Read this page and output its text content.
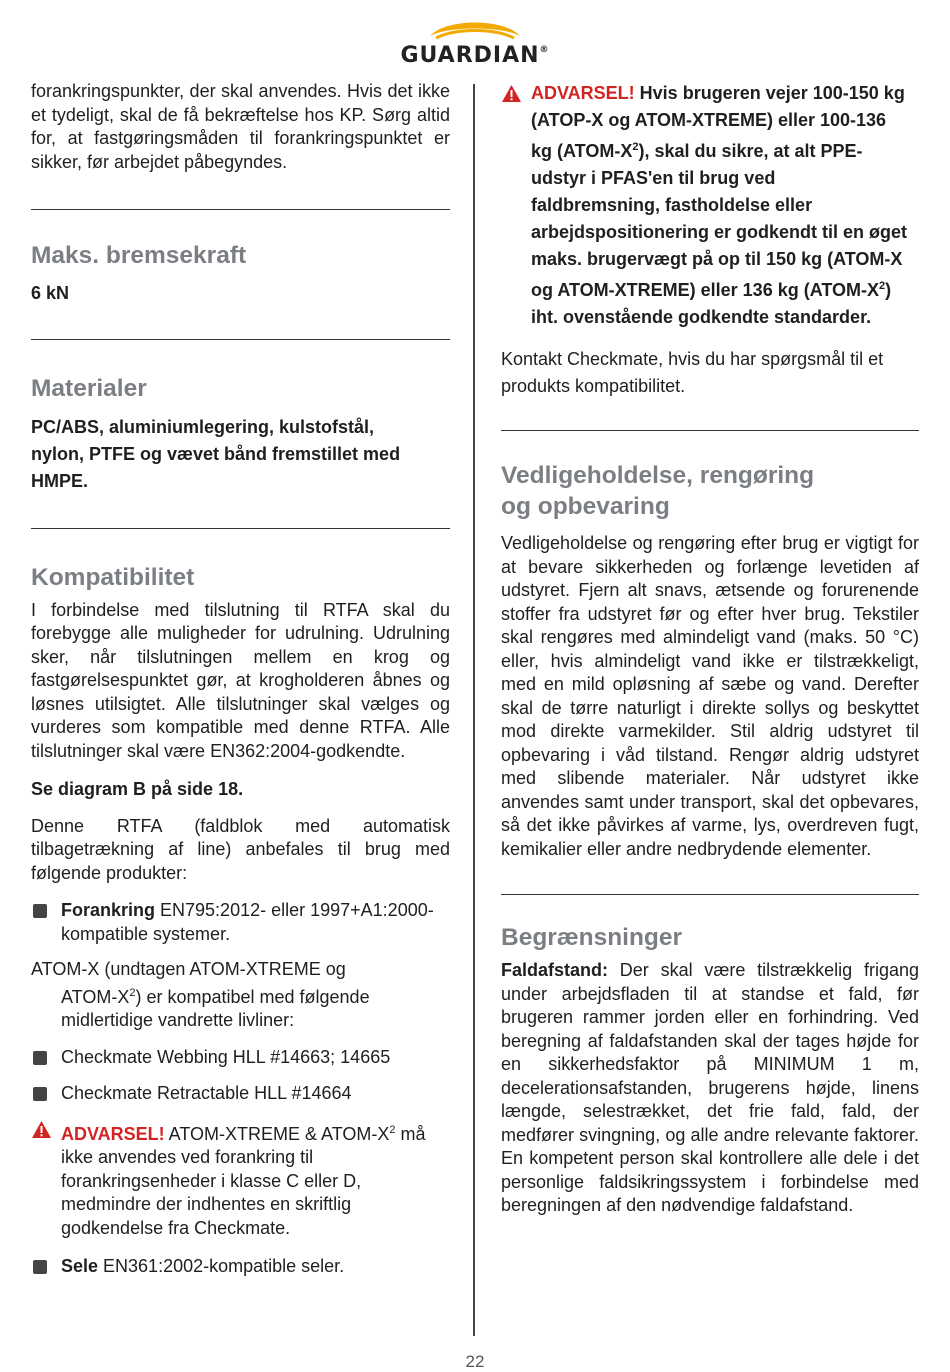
GUARDIAN®

forankringspunkter, der skal anvendes. Hvis det ikke et tydeligt, skal de få bekræftelse hos KP. Sørg altid for, at fastgøringsmåden til forankringspunktet er sikker, før arbejdet påbegyndes.

Maks. bremsekraft

6 kN

Materialer

PC/ABS, aluminiumlegering, kulstofstål, nylon, PTFE og vævet bånd fremstillet med HMPE.

Kompatibilitet

I forbindelse med tilslutning til RTFA skal du forebygge alle muligheder for udrulning. Udrulning sker, når tilslutningen mellem en krog og fastgørelsespunktet gør, at krogholderen åbnes og løsnes utilsigtet. Alle tilslutninger skal vælges og vurderes som kompatible med denne RTFA. Alle tilslutninger skal være EN362:2004-godkendte.

Se diagram B på side 18.

Denne RTFA (faldblok med automatisk tilbagetrækning af line) anbefales til brug med følgende produkter:

Forankring EN795:2012- eller 1997+A1:2000-kompatible systemer.

ATOM-X (undtagen ATOM-XTREME og
ATOM-$X^2$) er kompatibel med følgende midlertidige vandrette livliner:

Checkmate Webbing HLL #14663; 14665
Checkmate Retractable HLL #14664
ADVARSEL! ATOM-XTREME & ATOM-$X^2$ må ikke anvendes ved forankring til forankringsenheder i klasse C eller D, medmindre der indhentes en skriftlig godkendelse fra Checkmate.
Sele EN361:2002-kompatible seler.
ADVARSEL! Hvis brugeren vejer 100-150 kg (ATOP-X og ATOM-XTREME) eller 100-136 kg $(ATOM-X^2)$, skal du sikre, at alt PPE-udstyr i PFAS'en til brug ved faldbremsning, fastholdelse eller arbejdspositionering er godkendt til en øget maks. brugervægt på op til 150 kg (ATOM-X og ATOM-XTREME) eller 136 kg $(ATOM-X^2)$ iht. ovenstående godkendte standarder.

Kontakt Checkmate, hvis du har spørgsmål til et produkts kompatibilitet.

Vedligeholdelse, rengøring
og opbevaring

Vedligeholdelse og rengøring efter brug er vigtigt for at bevare sikkerheden og forlænge levetiden af udstyret. Fjern alt snavs, ætsende og forurenende stoffer fra udstyret før og efter hver brug. Tekstiler skal rengøres med almindeligt vand (maks. 50 °C) eller, hvis almindeligt vand ikke er tilstrækkeligt, med en mild opløsning af sæbe og vand. Derefter skal de tørre naturligt i direkte sollys og beskyttet mod direkte varmekilder. Stil aldrig udstyret til opbevaring i våd tilstand. Rengør aldrig udstyret med slibende materialer. Når udstyret ikke anvendes samt under transport, skal det opbevares, så det ikke påvirkes af varme, lys, overdreven fugt, kemikalier eller andre nedbrydende elementer.

Begrænsninger

Faldafstand: Der skal være tilstrækkelig frigang under arbejdsfladen til at standse et fald, før brugeren rammer jorden eller en forhindring. Ved beregning af faldafstanden skal der tages højde for en sikkerhedsfaktor på MINIMUM 1 m, decelerationsafstanden, brugerens højde, linens længde, selestrækket, det frie fald, fald, der medfører svingning, og alle andre relevante faktorer. En kompetent person skal kontrollere alle dele i det personlige faldsikringssystem i forbindelse med beregningen af den nødvendige faldafstand.

22
